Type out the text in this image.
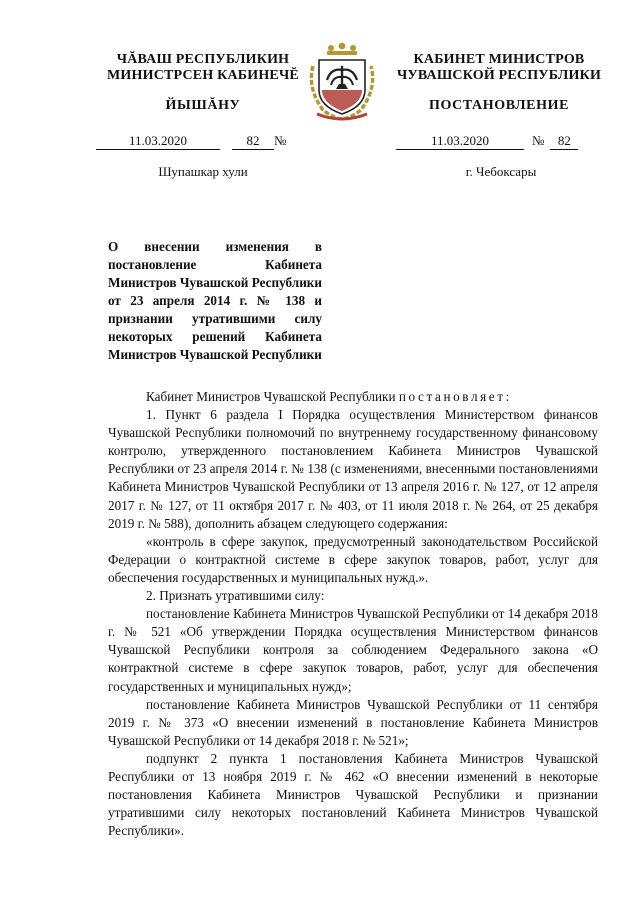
ЧĂВАШ РЕСПУБЛИКИН
МИНИСТРСЕН КАБИНЕЧĔ
ЙЫШĂНУ
КАБИНЕТ МИНИСТРОВ
ЧУВАШСКОЙ РЕСПУБЛИКИ
ПОСТАНОВЛЕНИЕ
11.03.2020	82 №	11.03.2020	№ 82
Шупашкар хули	г. Чебоксары
О внесении изменения в постановление Кабинета Министров Чувашской Республики от 23 апреля 2014 г. № 138 и признании утратившими силу некоторых решений Кабинета Министров Чувашской Республики

Кабинет Министров Чувашской Республики постановляет:

1. Пункт 6 раздела I Порядка осуществления Министерством финансов Чувашской Республики полномочий по внутреннему государственному финансовому контролю, утвержденного постановлением Кабинета Министров Чувашской Республики от 23 апреля 2014 г. № 138 (с изменениями, внесенными постановлениями Кабинета Министров Чувашской Республики от 13 апреля 2016 г. № 127, от 12 апреля 2017 г. № 127, от 11 октября 2017 г. № 403, от 11 июля 2018 г. № 264, от 25 декабря 2019 г. № 588), дополнить абзацем следующего содержания:

«контроль в сфере закупок, предусмотренный законодательством Российской Федерации о контрактной системе в сфере закупок товаров, работ, услуг для обеспечения государственных и муниципальных нужд.».

2. Признать утратившими силу:

постановление Кабинета Министров Чувашской Республики от 14 декабря 2018 г. № 521 «Об утверждении Порядка осуществления Министерством финансов Чувашской Республики контроля за соблюдением Федерального закона «О контрактной системе в сфере закупок товаров, работ, услуг для обеспечения государственных и муниципальных нужд»;

постановление Кабинета Министров Чувашской Республики от 11 сентября 2019 г. № 373 «О внесении изменений в постановление Кабинета Министров Чувашской Республики от 14 декабря 2018 г. № 521»;

подпункт 2 пункта 1 постановления Кабинета Министров Чувашской Республики от 13 ноября 2019 г. № 462 «О внесении изменений в некоторые постановления Кабинета Министров Чувашской Республики и признании утратившими силу некоторых постановлений Кабинета Министров Чувашской Республики».
